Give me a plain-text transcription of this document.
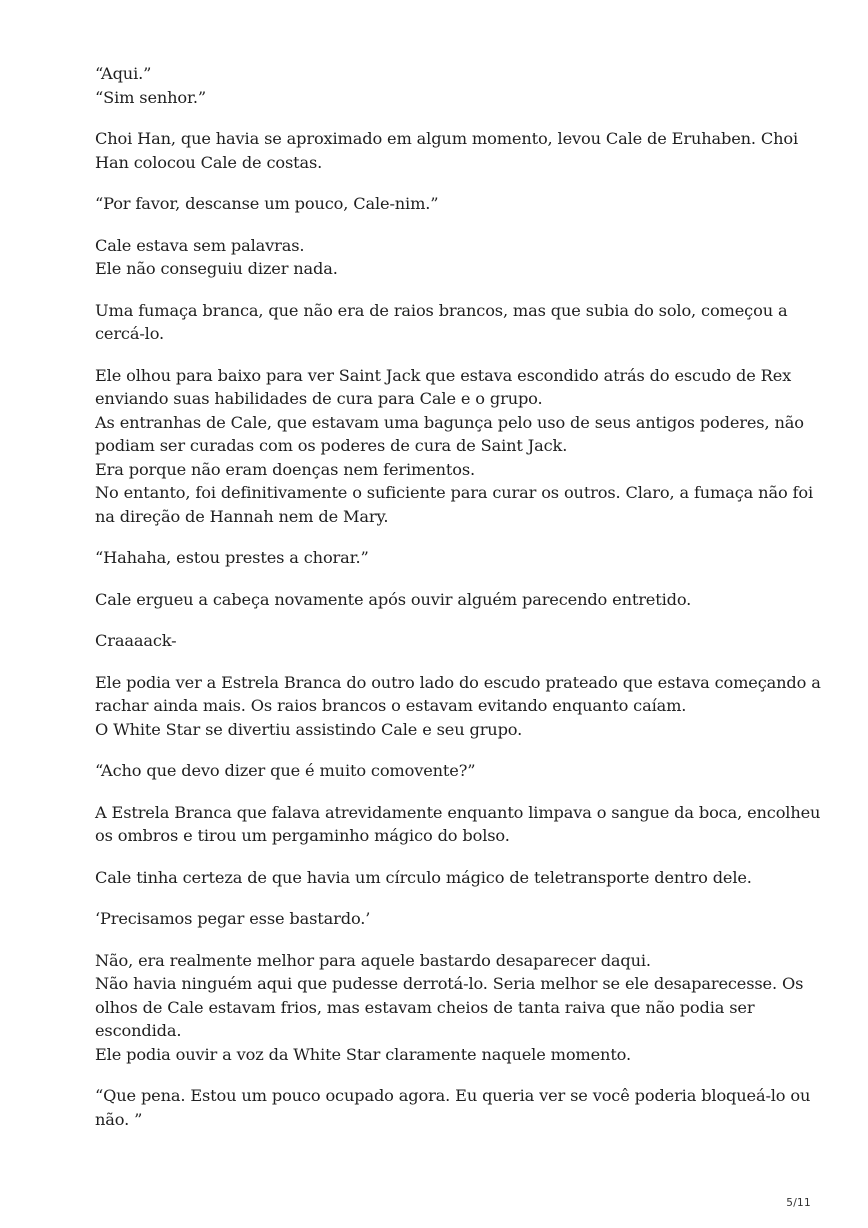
“Aqui.”
“Sim senhor.”

Choi Han, que havia se aproximado em algum momento, levou Cale de Eruhaben. Choi
Han colocou Cale de costas.

“Por favor, descanse um pouco, Cale-nim.”

Cale estava sem palavras.
Ele não conseguiu dizer nada.

Uma fumaça branca, que não era de raios brancos, mas que subia do solo, começou a
cercá-lo.

Ele olhou para baixo para ver Saint Jack que estava escondido atrás do escudo de Rex
enviando suas habilidades de cura para Cale e o grupo.
As entranhas de Cale, que estavam uma bagunça pelo uso de seus antigos poderes, não
podiam ser curadas com os poderes de cura de Saint Jack.
Era porque não eram doenças nem ferimentos.
No entanto, foi definitivamente o suficiente para curar os outros. Claro, a fumaça não foi
na direção de Hannah nem de Mary.

“Hahaha, estou prestes a chorar.”

Cale ergueu a cabeça novamente após ouvir alguém parecendo entretido.

Craaaack-

Ele podia ver a Estrela Branca do outro lado do escudo prateado que estava começando a
rachar ainda mais. Os raios brancos o estavam evitando enquanto caíam.
O White Star se divertiu assistindo Cale e seu grupo.

“Acho que devo dizer que é muito comovente?”

A Estrela Branca que falava atrevidamente enquanto limpava o sangue da boca, encolheu
os ombros e tirou um pergaminho mágico do bolso.

Cale tinha certeza de que havia um círculo mágico de teletransporte dentro dele.

‘Precisamos pegar esse bastardo.’

Não, era realmente melhor para aquele bastardo desaparecer daqui.
Não havia ninguém aqui que pudesse derrotá-lo. Seria melhor se ele desaparecesse. Os
olhos de Cale estavam frios, mas estavam cheios de tanta raiva que não podia ser
escondida.
Ele podia ouvir a voz da White Star claramente naquele momento.

“Que pena. Estou um pouco ocupado agora. Eu queria ver se você poderia bloqueá-lo ou
não. ”

5/11
